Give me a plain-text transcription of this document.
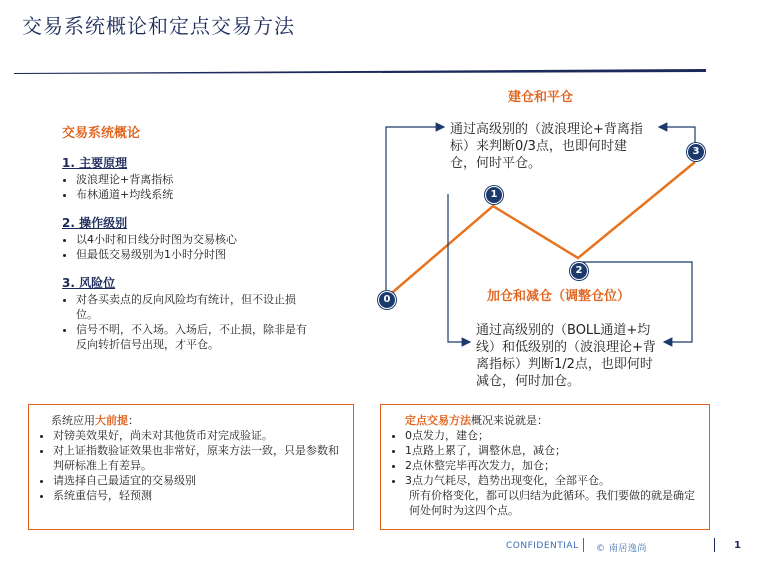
交易系统概论和定点交易方法
交易系统概论

1. 主要原理

• 波浪理论+背离指标
• 布林通道+均线系统

2. 操作级别

• 以4小时和日线分时图为交易核心
• 但最低交易级别为1小时分时图

3. 风险位

• 对各买卖点的反向风险均有统计，但不设止损位。
• 信号不明，不入场。入场后，不止损，除非是有反向转折信号出现，才平仓。
0
1
2
3
建仓和平仓
通过高级别的（波浪理论+背离指标）来判断0/3点，也即何时建仓，何时平仓。
加仓和减仓（调整仓位）
通过高级别的（BOLL通道+均线）和低级别的（波浪理论+背离指标）判断1/2点，也即何时减仓，何时加仓。
系统应用大前提：
• 对镑美效果好，尚未对其他货币对完成验证。
• 对上证指数验证效果也非常好，原来方法一致，只是参数和判研标准上有差异。
• 请选择自己最适宜的交易级别
• 系统重信号，轻预测
定点交易方法概况来说就是：
• 0点发力，建仓；
• 1点路上累了，调整休息，减仓；
• 2点休整完毕再次发力，加仓；
• 3点力气耗尽，趋势出现变化，全部平仓。
所有价格变化，都可以归结为此循环。我们要做的就是确定何处何时为这四个点。
CONFIDENTIAL © 南居逸尚	1
